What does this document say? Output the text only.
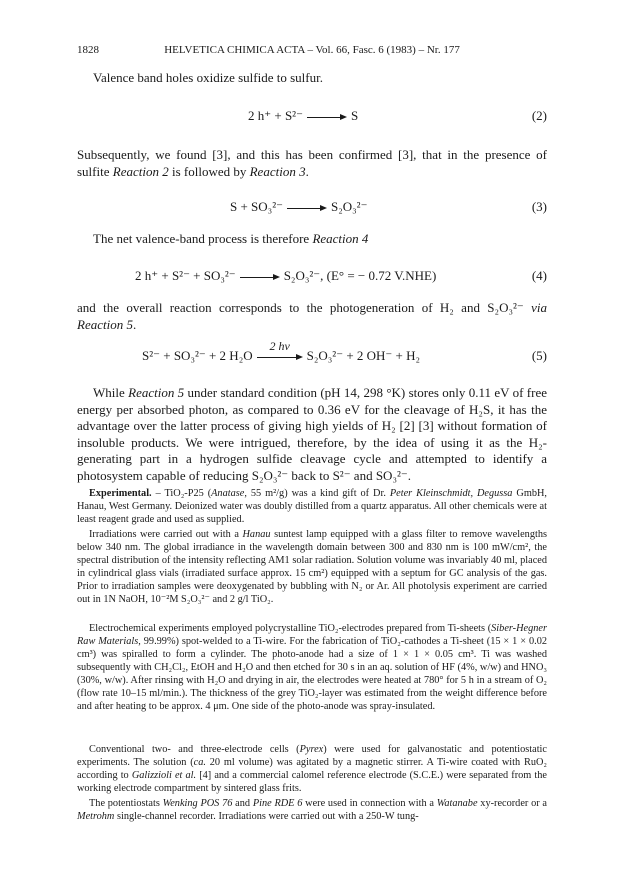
1828	HELVETICA CHIMICA ACTA – Vol. 66, Fasc. 6 (1983) – Nr. 177
Valence band holes oxidize sulfide to sulfur.
2 h⁺ + S²⁻	S	(2)
Subsequently, we found [3], and this has been confirmed [3], that in the presence of sulfite Reaction 2 is followed by Reaction 3.
S + SO₃²⁻	S₂O₃²⁻	(3)
The net valence-band process is therefore Reaction 4
2 h⁺ + S²⁻ + SO₃²⁻	S₂O₃²⁻, (E° = − 0.72 V.NHE)	(4)
and the overall reaction corresponds to the photogeneration of H₂ and S₂O₃²⁻ via Reaction 5.
S²⁻ + SO₃²⁻ + 2 H₂O
2 hν
S₂O₃²⁻ + 2 OH⁻ + H₂	(5)
While Reaction 5 under standard condition (pH 14, 298 °K) stores only 0.11 eV of free energy per absorbed photon, as compared to 0.36 eV for the cleavage of H₂S, it has the advantage over the latter process of giving high yields of H₂ [2] [3] without formation of insoluble products. We were intrigued, therefore, by the idea of using it as the H₂-generating part in a hydrogen sulfide cleavage cycle and attempted to identify a photosystem capable of reducing S₂O₃²⁻ back to S²⁻ and SO₃²⁻.
Experimental. – TiO₂-P25 (Anatase, 55 m²/g) was a kind gift of Dr. Peter Kleinschmidt, Degussa GmbH, Hanau, West Germany. Deionized water was doubly distilled from a quartz apparatus. All other chemicals were at least reagent grade and used as supplied.
Irradiations were carried out with a Hanau suntest lamp equipped with a glass filter to remove wavelengths below 340 nm. The global irradiance in the wavelength domain between 300 and 830 nm is 100 mW/cm², the spectral distribution of the intensity reflecting AM1 solar radiation. Solution volume was invariably 40 ml, placed in cylindrical glass vials (irradiated surface approx. 15 cm²) equipped with a septum for GC analysis of the gas. Prior to irradiation samples were deoxygenated by bubbling with N₂ or Ar. All photolysis experiment are carried out in 1N NaOH, 10⁻²M S₂O₃²⁻ and 2 g/l TiO₂.
Electrochemical experiments employed polycrystalline TiO₂-electrodes prepared from Ti-sheets (Siber-Hegner Raw Materials, 99.99%) spot-welded to a Ti-wire. For the fabrication of TiO₂-cathodes a Ti-sheet (15 × 1 × 0.02 cm³) was spiralled to form a cylinder. The photo-anode had a size of 1 × 1 × 0.05 cm³. Ti was washed subsequently with CH₂Cl₂, EtOH and H₂O and then etched for 30 s in an aq. solution of HF (4%, w/w) and HNO₃ (30%, w/w). After rinsing with H₂O and drying in air, the electrodes were heated at 780° for 5 h in a stream of O₂ (flow rate 10–15 ml/min.). The thickness of the grey TiO₂-layer was estimated from the weight difference before and after heating to be approx. 4 μm. One side of the photo-anode was spray-insulated.
Conventional two- and three-electrode cells (Pyrex) were used for galvanostatic and potentiostatic experiments. The solution (ca. 20 ml volume) was agitated by a magnetic stirrer. A Ti-wire coated with RuO₂ according to Galizzioli et al. [4] and a commercial calomel reference electrode (S.C.E.) were separated from the working electrode compartment by sintered glass frits.
The potentiostats Wenking POS 76 and Pine RDE 6 were used in connection with a Watanabe xy-recorder or a Metrohm single-channel recorder. Irradiations were carried out with a 250-W tung-
